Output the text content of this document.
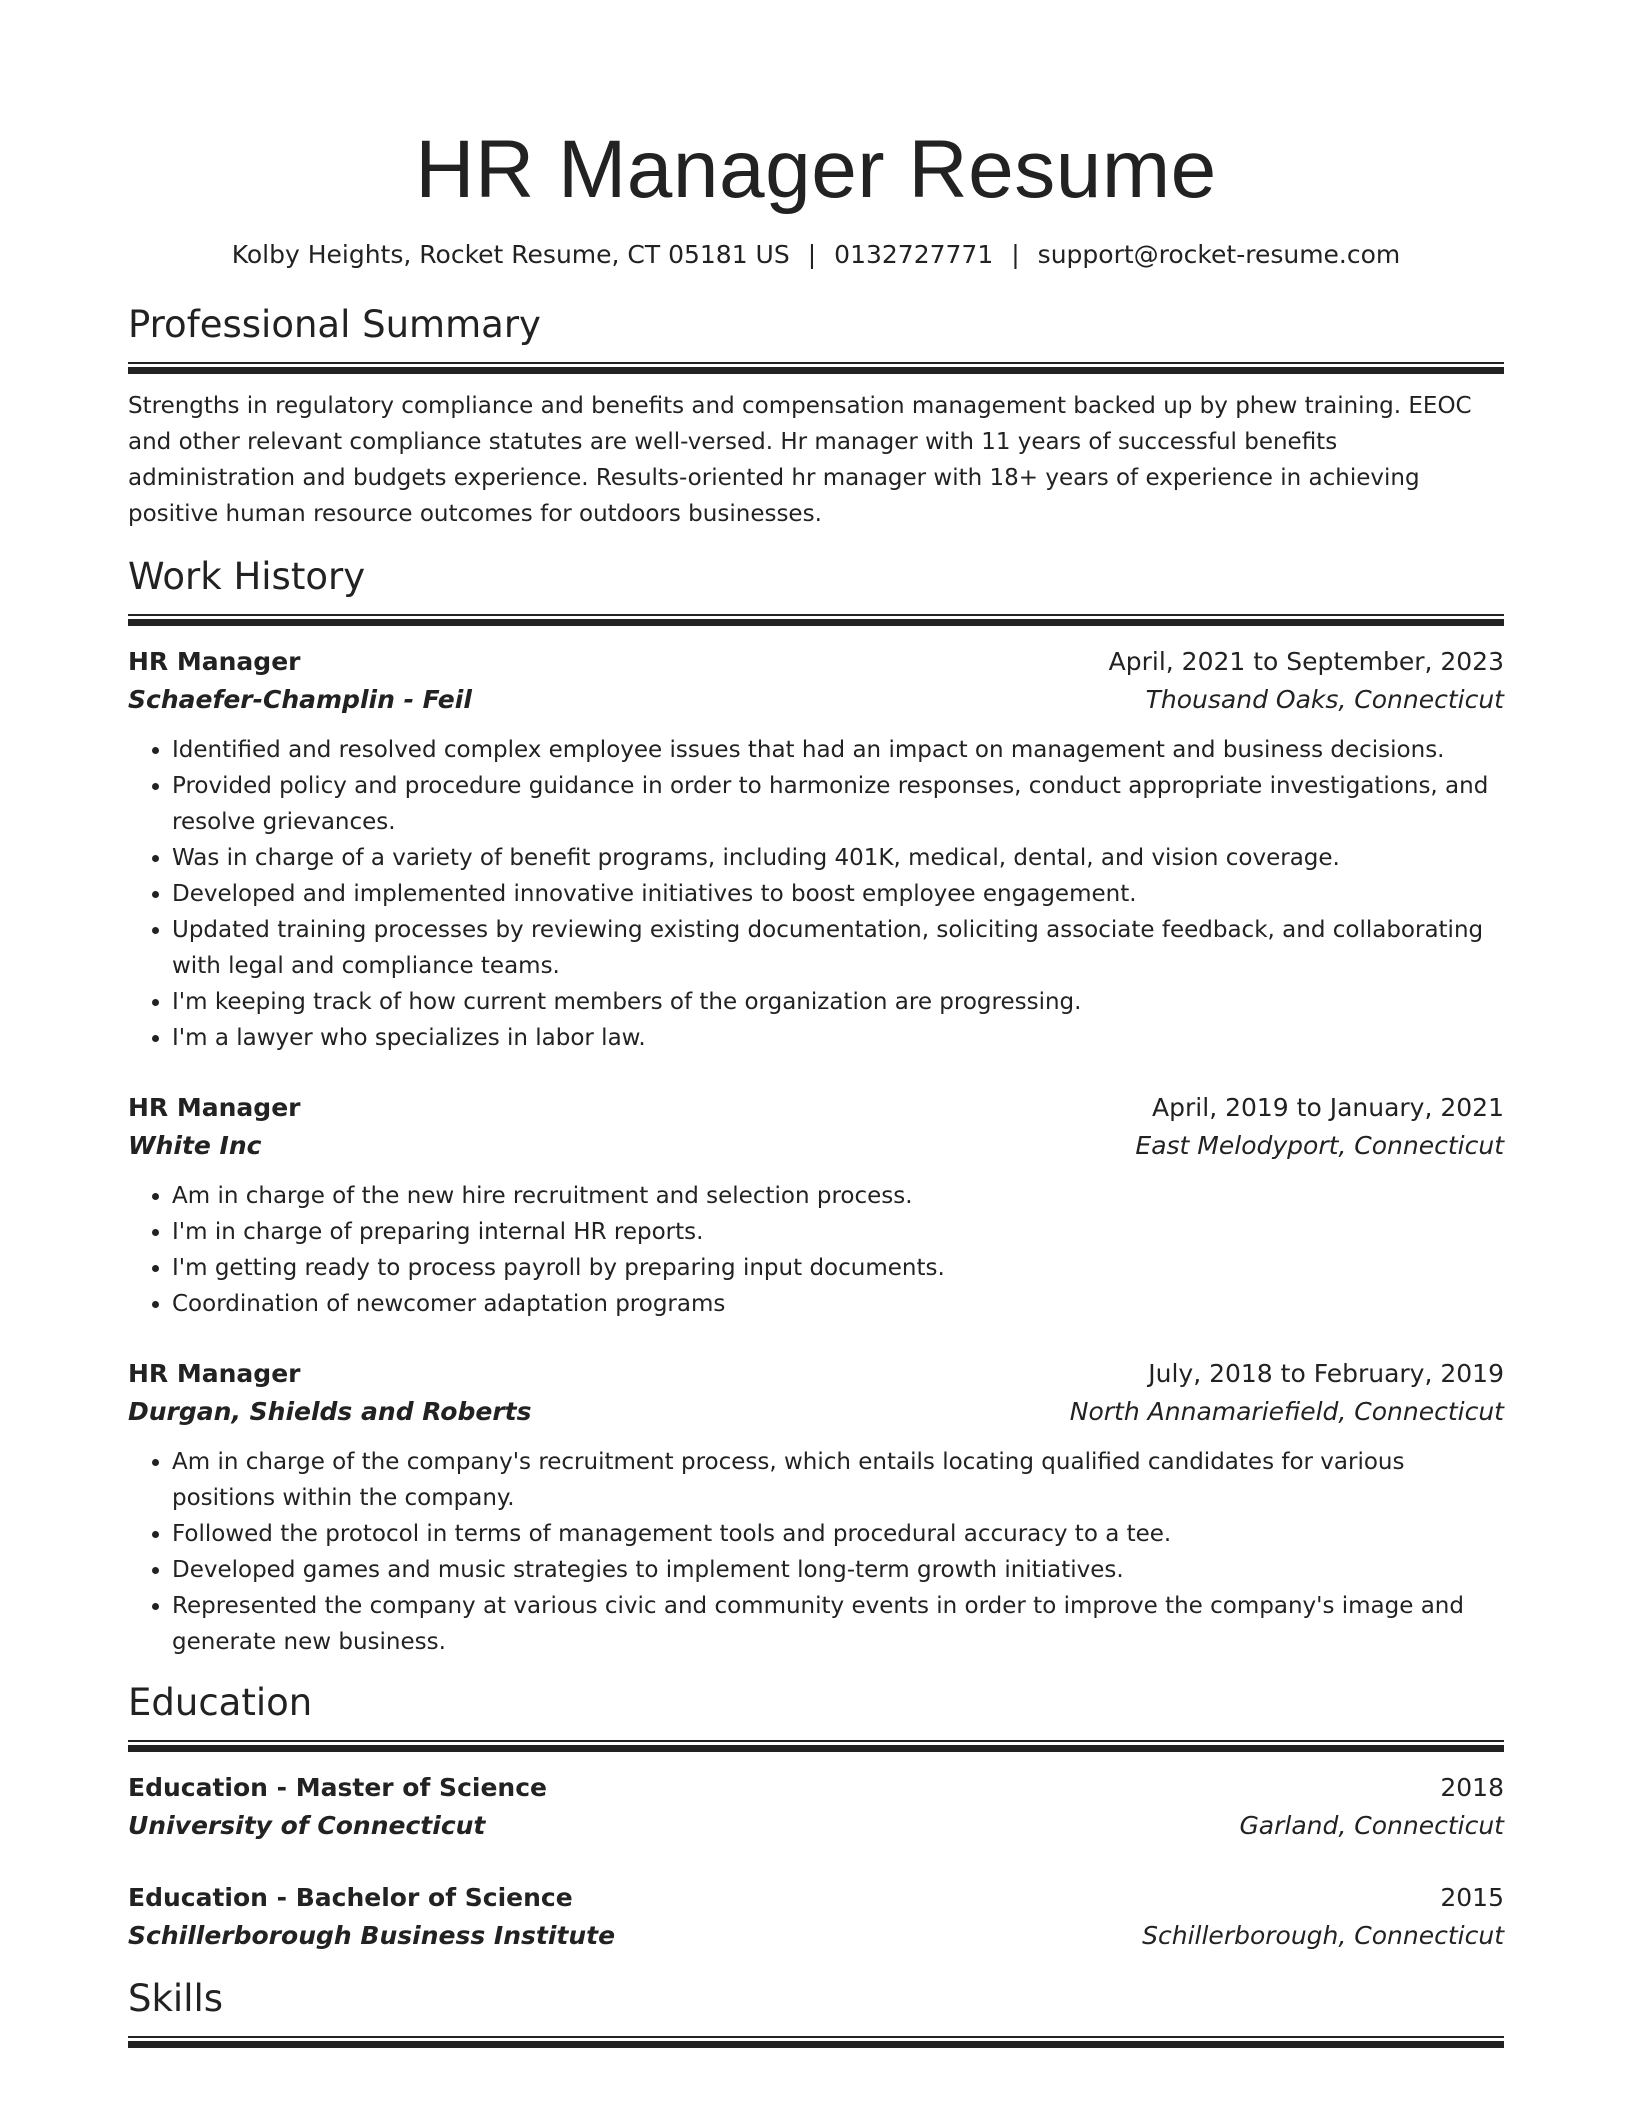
HR Manager Resume
Kolby Heights, Rocket Resume, CT 05181 US | 0132727771 | support@rocket-resume.com
Professional Summary
Strengths in regulatory compliance and benefits and compensation management backed up by phew training. EEOC and other relevant compliance statutes are well-versed. Hr manager with 11 years of successful benefits administration and budgets experience. Results-oriented hr manager with 18+ years of experience in achieving positive human resource outcomes for outdoors businesses.
Work History
HR Manager	April, 2021 to September, 2023
Schaefer-Champlin - Feil	Thousand Oaks, Connecticut
• Identified and resolved complex employee issues that had an impact on management and business decisions.
• Provided policy and procedure guidance in order to harmonize responses, conduct appropriate investigations, and resolve grievances.
• Was in charge of a variety of benefit programs, including 401K, medical, dental, and vision coverage.
• Developed and implemented innovative initiatives to boost employee engagement.
• Updated training processes by reviewing existing documentation, soliciting associate feedback, and collaborating with legal and compliance teams.
• I'm keeping track of how current members of the organization are progressing.
• I'm a lawyer who specializes in labor law.
HR Manager	April, 2019 to January, 2021
White Inc	East Melodyport, Connecticut
• Am in charge of the new hire recruitment and selection process.
• I'm in charge of preparing internal HR reports.
• I'm getting ready to process payroll by preparing input documents.
• Coordination of newcomer adaptation programs
HR Manager	July, 2018 to February, 2019
Durgan, Shields and Roberts	North Annamariefield, Connecticut
• Am in charge of the company's recruitment process, which entails locating qualified candidates for various positions within the company.
• Followed the protocol in terms of management tools and procedural accuracy to a tee.
• Developed games and music strategies to implement long-term growth initiatives.
• Represented the company at various civic and community events in order to improve the company's image and generate new business.
Education
Education - Master of Science	2018
University of Connecticut	Garland, Connecticut
Education - Bachelor of Science	2015
Schillerborough Business Institute	Schillerborough, Connecticut
Skills
